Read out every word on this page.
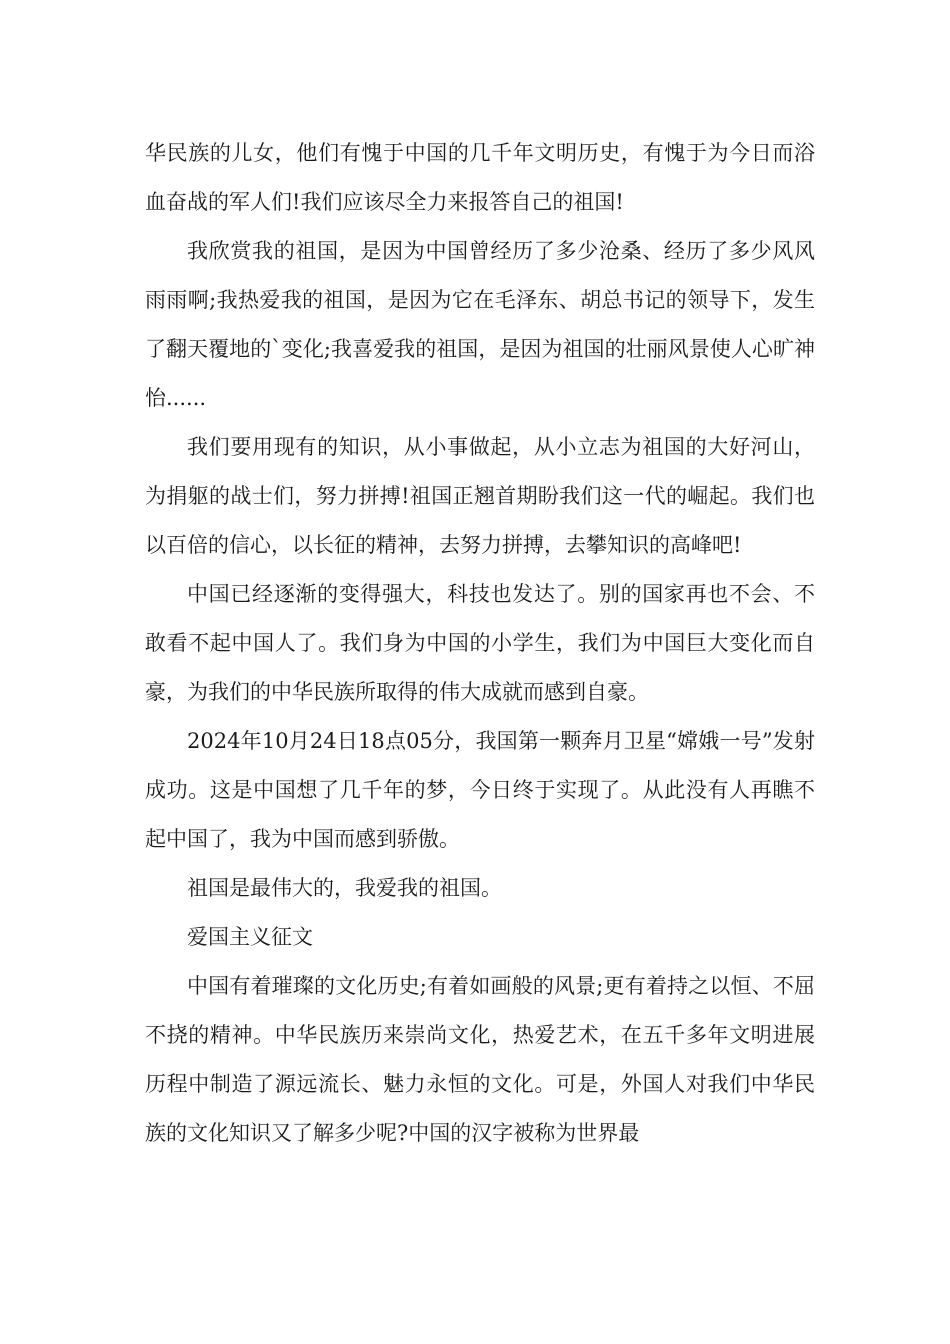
华民族的儿女，他们有愧于中国的几千年文明历史，有愧于为今日而浴血奋战的军人们!我们应该尽全力来报答自己的祖国!

我欣赏我的祖国，是因为中国曾经历了多少沧桑、经历了多少风风雨雨啊;我热爱我的祖国，是因为它在毛泽东、胡总书记的领导下，发生了翻天覆地的`变化;我喜爱我的祖国，是因为祖国的壮丽风景使人心旷神怡......

我们要用现有的知识，从小事做起，从小立志为祖国的大好河山，为捐躯的战士们，努力拼搏!祖国正翘首期盼我们这一代的崛起。我们也以百倍的信心，以长征的精神，去努力拼搏，去攀知识的高峰吧!

中国已经逐渐的变得强大，科技也发达了。别的国家再也不会、不敢看不起中国人了。我们身为中国的小学生，我们为中国巨大变化而自豪，为我们的中华民族所取得的伟大成就而感到自豪。

2024年10月24日18点05分，我国第一颗奔月卫星“嫦娥一号”发射成功。这是中国想了几千年的梦，今日终于实现了。从此没有人再瞧不起中国了，我为中国而感到骄傲。

祖国是最伟大的，我爱我的祖国。

爱国主义征文

中国有着璀璨的文化历史;有着如画般的风景;更有着持之以恒、不屈不挠的精神。中华民族历来崇尚文化，热爱艺术，在五千多年文明进展历程中制造了源远流长、魅力永恒的文化。可是，外国人对我们中华民族的文化知识又了解多少呢?中国的汉字被称为世界最
